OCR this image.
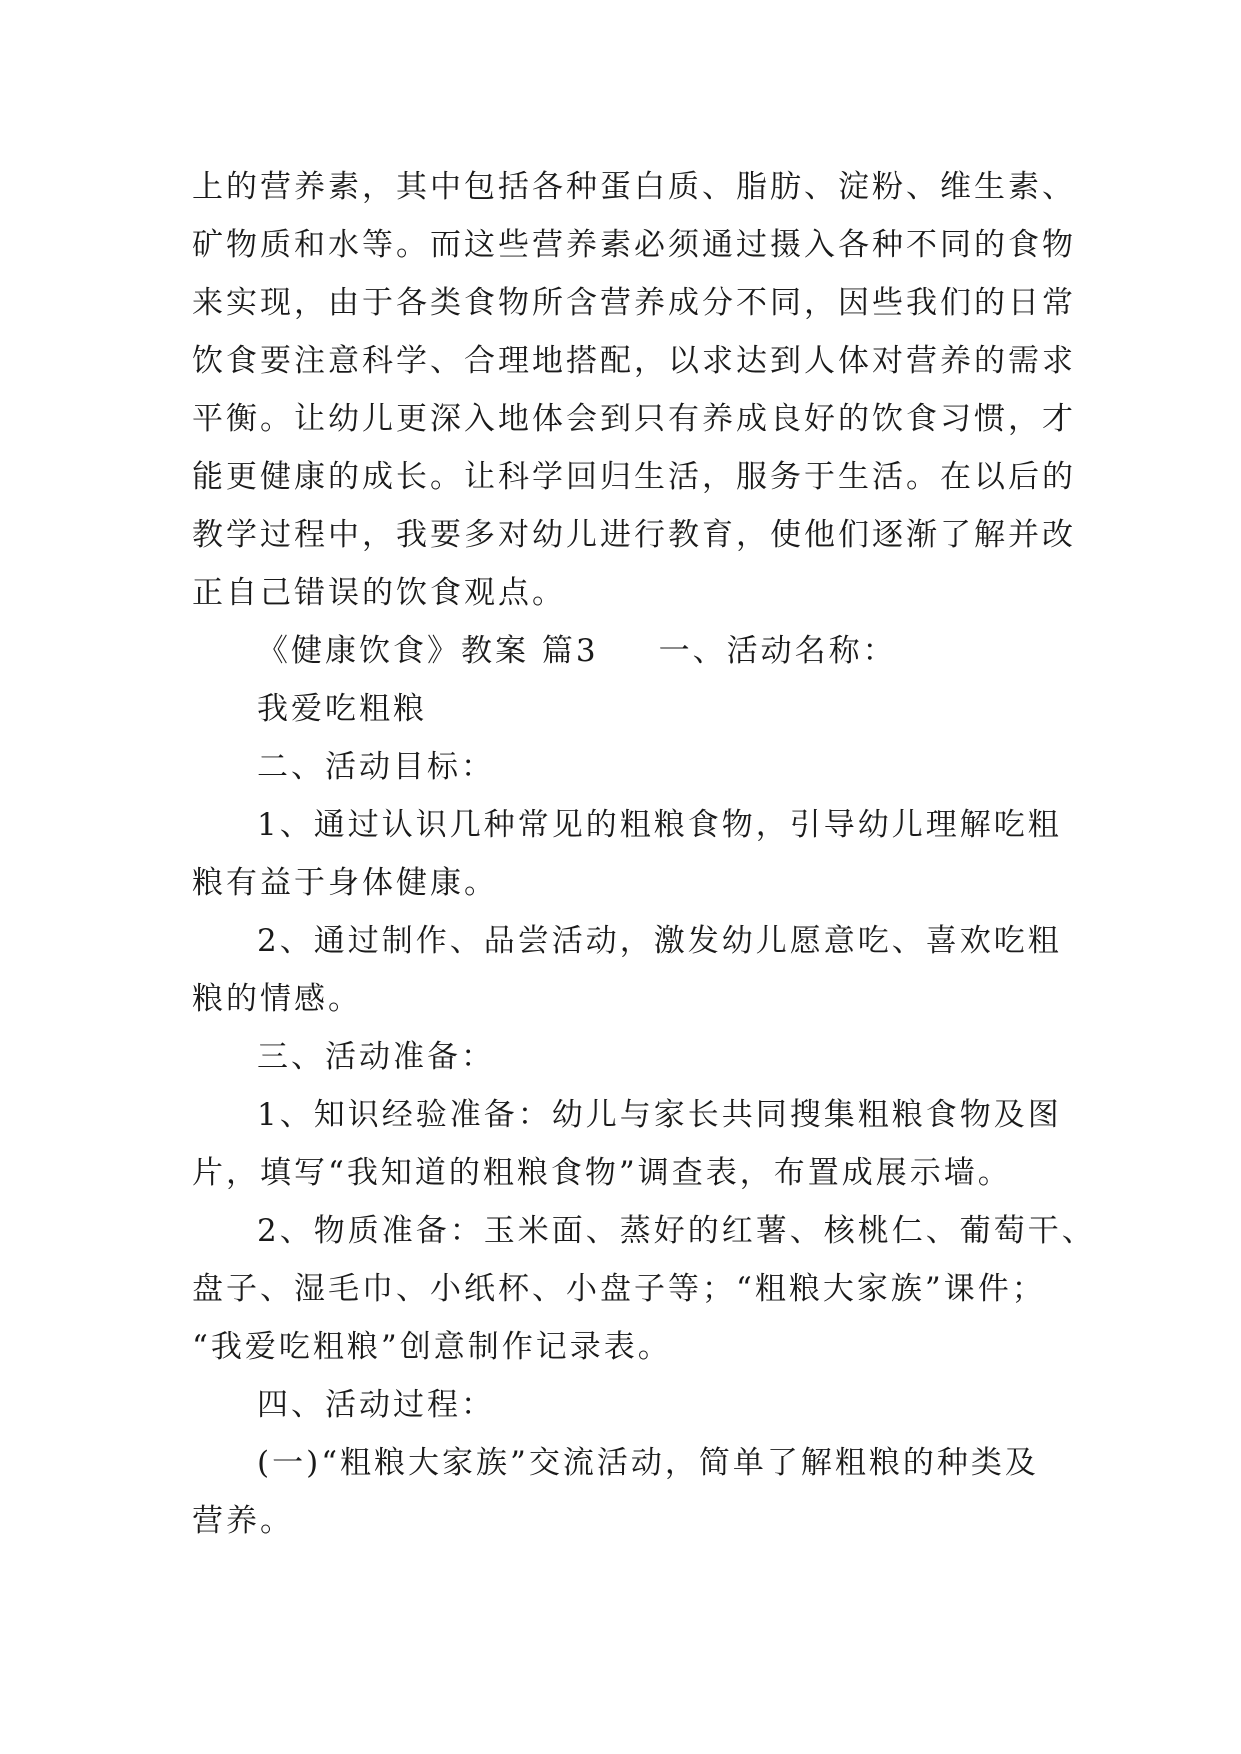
上的营养素，其中包括各种蛋白质、脂肪、淀粉、维生素、
矿物质和水等。而这些营养素必须通过摄入各种不同的食物
来实现，由于各类食物所含营养成分不同，因些我们的日常
饮食要注意科学、合理地搭配，以求达到人体对营养的需求
平衡。让幼儿更深入地体会到只有养成良好的饮食习惯，才
能更健康的成长。让科学回归生活，服务于生活。在以后的
教学过程中，我要多对幼儿进行教育，使他们逐渐了解并改
正自己错误的饮食观点。
《健康饮食》教案 篇3 一、活动名称：
我爱吃粗粮
二、活动目标：
1、通过认识几种常见的粗粮食物，引导幼儿理解吃粗
粮有益于身体健康。
2、通过制作、品尝活动，激发幼儿愿意吃、喜欢吃粗
粮的情感。
三、活动准备：
1、知识经验准备：幼儿与家长共同搜集粗粮食物及图
片，填写“我知道的粗粮食物”调查表，布置成展示墙。
2、物质准备：玉米面、蒸好的红薯、核桃仁、葡萄干、
盘子、湿毛巾、小纸杯、小盘子等；“粗粮大家族”课件；
“我爱吃粗粮”创意制作记录表。
四、活动过程：
(一)“粗粮大家族”交流活动，简单了解粗粮的种类及
营养。
